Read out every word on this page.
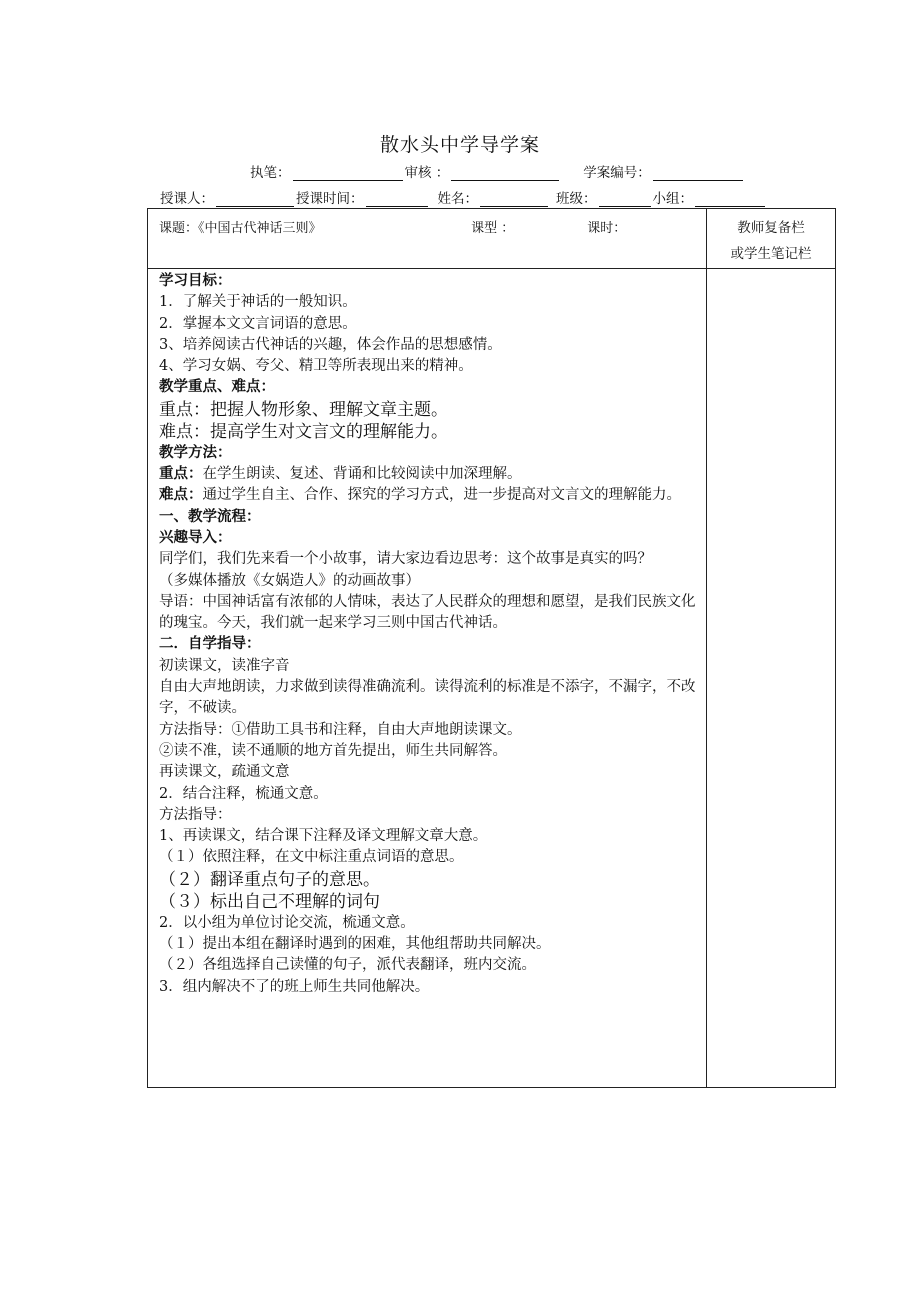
散水头中学导学案
执笔：	审核 ：	学案编号：
授课人：	授课时间：	姓名：	班级：	小组：
课题：《中国古代神话三则》	课型 ：	课时：	教师复备栏
或学生笔记栏
学习目标：
1．了解关于神话的一般知识。
2．掌握本文文言词语的意思。
3、培养阅读古代神话的兴趣，体会作品的思想感情。
4、学习女娲、夸父、精卫等所表现出来的精神。
教学重点、难点：
重点：把握人物形象、理解文章主题。
难点：提高学生对文言文的理解能力。
教学方法：
重点：在学生朗读、复述、背诵和比较阅读中加深理解。
难点：通过学生自主、合作、探究的学习方式，进一步提高对文言文的理解能力。
一、教学流程：
兴趣导入：
同学们，我们先来看一个小故事，请大家边看边思考：这个故事是真实的吗？
（多媒体播放《女娲造人》的动画故事）
导语：中国神话富有浓郁的人情味，表达了人民群众的理想和愿望，是我们民族文化的瑰宝。今天，我们就一起来学习三则中国古代神话。
二．自学指导：
初读课文，读准字音
自由大声地朗读，力求做到读得准确流利。读得流利的标准是不添字，不漏字，不改字，不破读。
方法指导：①借助工具书和注释，自由大声地朗读课文。
②读不准，读不通顺的地方首先提出，师生共同解答。
再读课文，疏通文意
2．结合注释，梳通文意。
方法指导：
1、再读课文，结合课下注释及译文理解文章大意。
（１）依照注释，在文中标注重点词语的意思。
（２）翻译重点句子的意思。
（３）标出自己不理解的词句
2．以小组为单位讨论交流，梳通文意。
（１）提出本组在翻译时遇到的困难，其他组帮助共同解决。
（２）各组选择自己读懂的句子，派代表翻译，班内交流。
3．组内解决不了的班上师生共同他解决。
